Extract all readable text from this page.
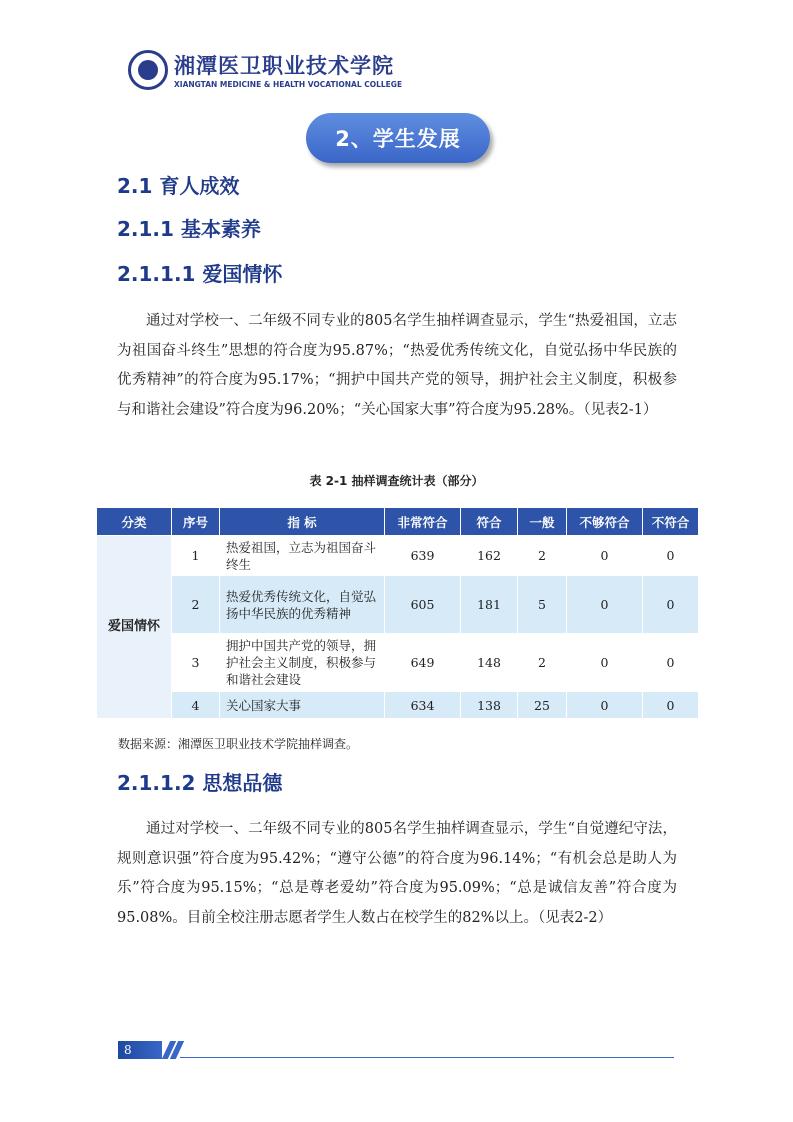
湘潭医卫职业技术学院
XIANGTAN MEDICINE & HEALTH VOCATIONAL COLLEGE
2、学生发展
2.1 育人成效
2.1.1 基本素养
2.1.1.1 爱国情怀

通过对学校一、二年级不同专业的805名学生抽样调查显示，学生“热爱祖国，立志为祖国奋斗终生”思想的符合度为95.87%；“热爱优秀传统文化，自觉弘扬中华民族的优秀精神”的符合度为95.17%；“拥护中国共产党的领导，拥护社会主义制度，积极参与和谐社会建设”符合度为96.20%；“关心国家大事”符合度为95.28%。（见表2-1）

表 2-1 抽样调查统计表（部分）
分类	序号	指 标	非常符合	符合	一般	不够符合	不符合
爱国情怀	1	热爱祖国，立志为祖国奋斗终生	639	162	2	0	0
	2	热爱优秀传统文化，自觉弘扬中华民族的优秀精神	605	181	5	0	0
	3	拥护中国共产党的领导，拥护社会主义制度，积极参与和谐社会建设	649	148	2	0	0
	4	关心国家大事	634	138	25	0	0
数据来源：湘潭医卫职业技术学院抽样调查。
2.1.1.2 思想品德

通过对学校一、二年级不同专业的805名学生抽样调查显示，学生“自觉遵纪守法，规则意识强”符合度为95.42%；“遵守公德”的符合度为96.14%；“有机会总是助人为乐”符合度为95.15%；“总是尊老爱幼”符合度为95.09%；“总是诚信友善”符合度为95.08%。目前全校注册志愿者学生人数占在校学生的82%以上。（见表2-2）

8
